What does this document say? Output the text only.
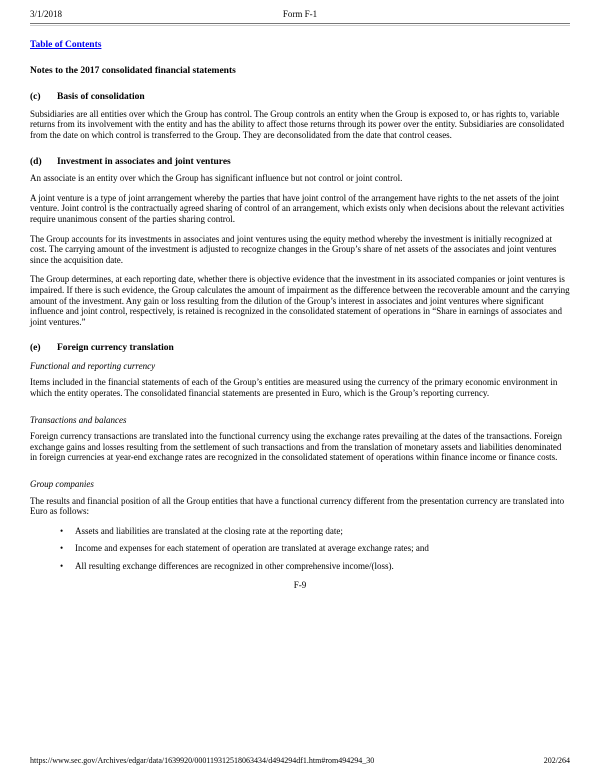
3/1/2018	Form F-1
Table of Contents
Notes to the 2017 consolidated financial statements
(c)	Basis of consolidation

Subsidiaries are all entities over which the Group has control. The Group controls an entity when the Group is exposed to, or has rights to, variable returns from its involvement with the entity and has the ability to affect those returns through its power over the entity. Subsidiaries are consolidated from the date on which control is transferred to the Group. They are deconsolidated from the date that control ceases.

(d)	Investment in associates and joint ventures

An associate is an entity over which the Group has significant influence but not control or joint control.

A joint venture is a type of joint arrangement whereby the parties that have joint control of the arrangement have rights to the net assets of the joint venture. Joint control is the contractually agreed sharing of control of an arrangement, which exists only when decisions about the relevant activities require unanimous consent of the parties sharing control.

The Group accounts for its investments in associates and joint ventures using the equity method whereby the investment is initially recognized at cost. The carrying amount of the investment is adjusted to recognize changes in the Group’s share of net assets of the associates and joint ventures since the acquisition date.

The Group determines, at each reporting date, whether there is objective evidence that the investment in its associated companies or joint ventures is impaired. If there is such evidence, the Group calculates the amount of impairment as the difference between the recoverable amount and the carrying amount of the investment. Any gain or loss resulting from the dilution of the Group’s interest in associates and joint ventures where significant influence and joint control, respectively, is retained is recognized in the consolidated statement of operations in “Share in earnings of associates and joint ventures.”

(e)	Foreign currency translation
Functional and reporting currency

Items included in the financial statements of each of the Group’s entities are measured using the currency of the primary economic environment in which the entity operates. The consolidated financial statements are presented in Euro, which is the Group’s reporting currency.

Transactions and balances

Foreign currency transactions are translated into the functional currency using the exchange rates prevailing at the dates of the transactions. Foreign exchange gains and losses resulting from the settlement of such transactions and from the translation of monetary assets and liabilities denominated in foreign currencies at year-end exchange rates are recognized in the consolidated statement of operations within finance income or finance costs.

Group companies

The results and financial position of all the Group entities that have a functional currency different from the presentation currency are translated into Euro as follows:

•	Assets and liabilities are translated at the closing rate at the reporting date;
•	Income and expenses for each statement of operation are translated at average exchange rates; and
•	All resulting exchange differences are recognized in other comprehensive income/(loss).
F-9
https://www.sec.gov/Archives/edgar/data/1639920/000119312518063434/d494294df1.htm#rom494294_30	202/264
